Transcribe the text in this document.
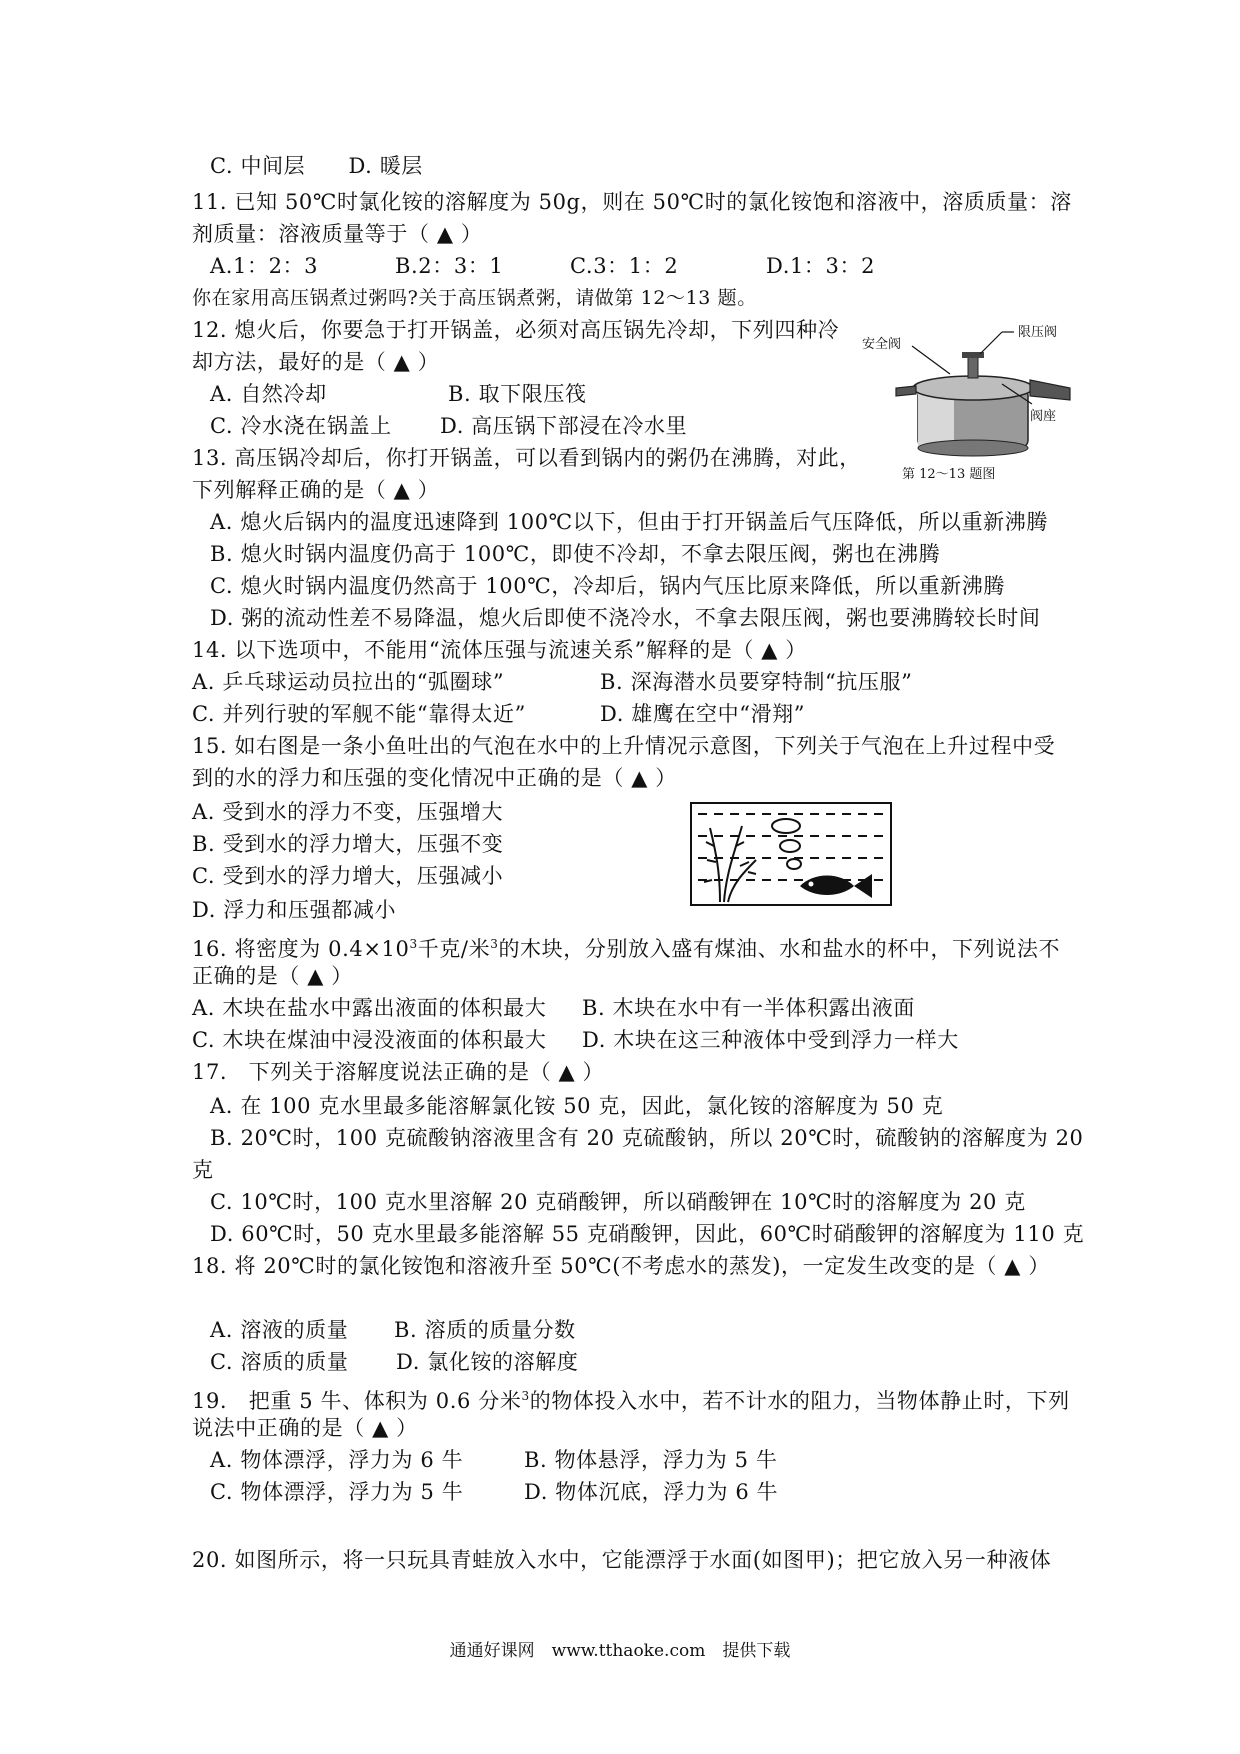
C. 中间层　　D. 暖层
11. 已知 50℃时氯化铵的溶解度为 50g，则在 50℃时的氯化铵饱和溶液中，溶质质量：溶
剂质量：溶液质量等于（ ▲ ）
A.1：2：3	B.2：3：1	C.3：1：2	D.1：3：2
你在家用高压锅煮过粥吗?关于高压锅煮粥，请做第 12～13 题。
12. 熄火后，你要急于打开锅盖，必须对高压锅先冷却，下列四种冷
却方法，最好的是（ ▲ ）
A. 自然冷却	B. 取下限压筏
C. 冷水浇在锅盖上 D. 高压锅下部浸在冷水里
13. 高压锅冷却后，你打开锅盖，可以看到锅内的粥仍在沸腾，对此，
下列解释正确的是（ ▲ ）
A. 熄火后锅内的温度迅速降到 100℃以下，但由于打开锅盖后气压降低，所以重新沸腾
B. 熄火时锅内温度仍高于 100℃，即使不冷却，不拿去限压阀，粥也在沸腾
C. 熄火时锅内温度仍然高于 100℃，冷却后，锅内气压比原来降低，所以重新沸腾
D. 粥的流动性差不易降温，熄火后即使不浇冷水，不拿去限压阀，粥也要沸腾较长时间
限压阀
安全阀
阀座
第 12～13 题图
14. 以下选项中，不能用“流体压强与流速关系”解释的是（ ▲ ）
A. 乒乓球运动员拉出的“弧圈球”	B. 深海潜水员要穿特制“抗压服”
C. 并列行驶的军舰不能“靠得太近”	D. 雄鹰在空中“滑翔”
15. 如右图是一条小鱼吐出的气泡在水中的上升情况示意图，下列关于气泡在上升过程中受
到的水的浮力和压强的变化情况中正确的是（ ▲ ）
A. 受到水的浮力不变，压强增大
B. 受到水的浮力增大，压强不变
C. 受到水的浮力增大，压强减小
D. 浮力和压强都减小
16. 将密度为 $0.4\times 10^3$千克/米$^3$的木块，分别放入盛有煤油、水和盐水的杯中，下列说法不
正确的是（ ▲ ）
A. 木块在盐水中露出液面的体积最大 B. 木块在水中有一半体积露出液面
C. 木块在煤油中浸没液面的体积最大 D. 木块在这三种液体中受到浮力一样大
17.　下列关于溶解度说法正确的是（ ▲ ）
A. 在 100 克水里最多能溶解氯化铵 50 克，因此，氯化铵的溶解度为 50 克
B. 20℃时，100 克硫酸钠溶液里含有 20 克硫酸钠，所以 20℃时，硫酸钠的溶解度为 20
克
C. 10℃时，100 克水里溶解 20 克硝酸钾，所以硝酸钾在 10℃时的溶解度为 20 克
D. 60℃时，50 克水里最多能溶解 55 克硝酸钾，因此，60℃时硝酸钾的溶解度为 110 克
18. 将 20℃时的氯化铵饱和溶液升至 50℃(不考虑水的蒸发)，一定发生改变的是（ ▲ ）
A. 溶液的质量 B. 溶质的质量分数
C. 溶质的质量 D. 氯化铵的溶解度
19.　把重 5 牛、体积为 0.6 分米$^3$的物体投入水中，若不计水的阻力，当物体静止时，下列
说法中正确的是（ ▲ ）
A. 物体漂浮，浮力为 6 牛	B. 物体悬浮，浮力为 5 牛
C. 物体漂浮，浮力为 5 牛	D. 物体沉底，浮力为 6 牛
20. 如图所示，将一只玩具青蛙放入水中，它能漂浮于水面(如图甲)；把它放入另一种液体
通通好课网　www.tthaoke.com　提供下载
